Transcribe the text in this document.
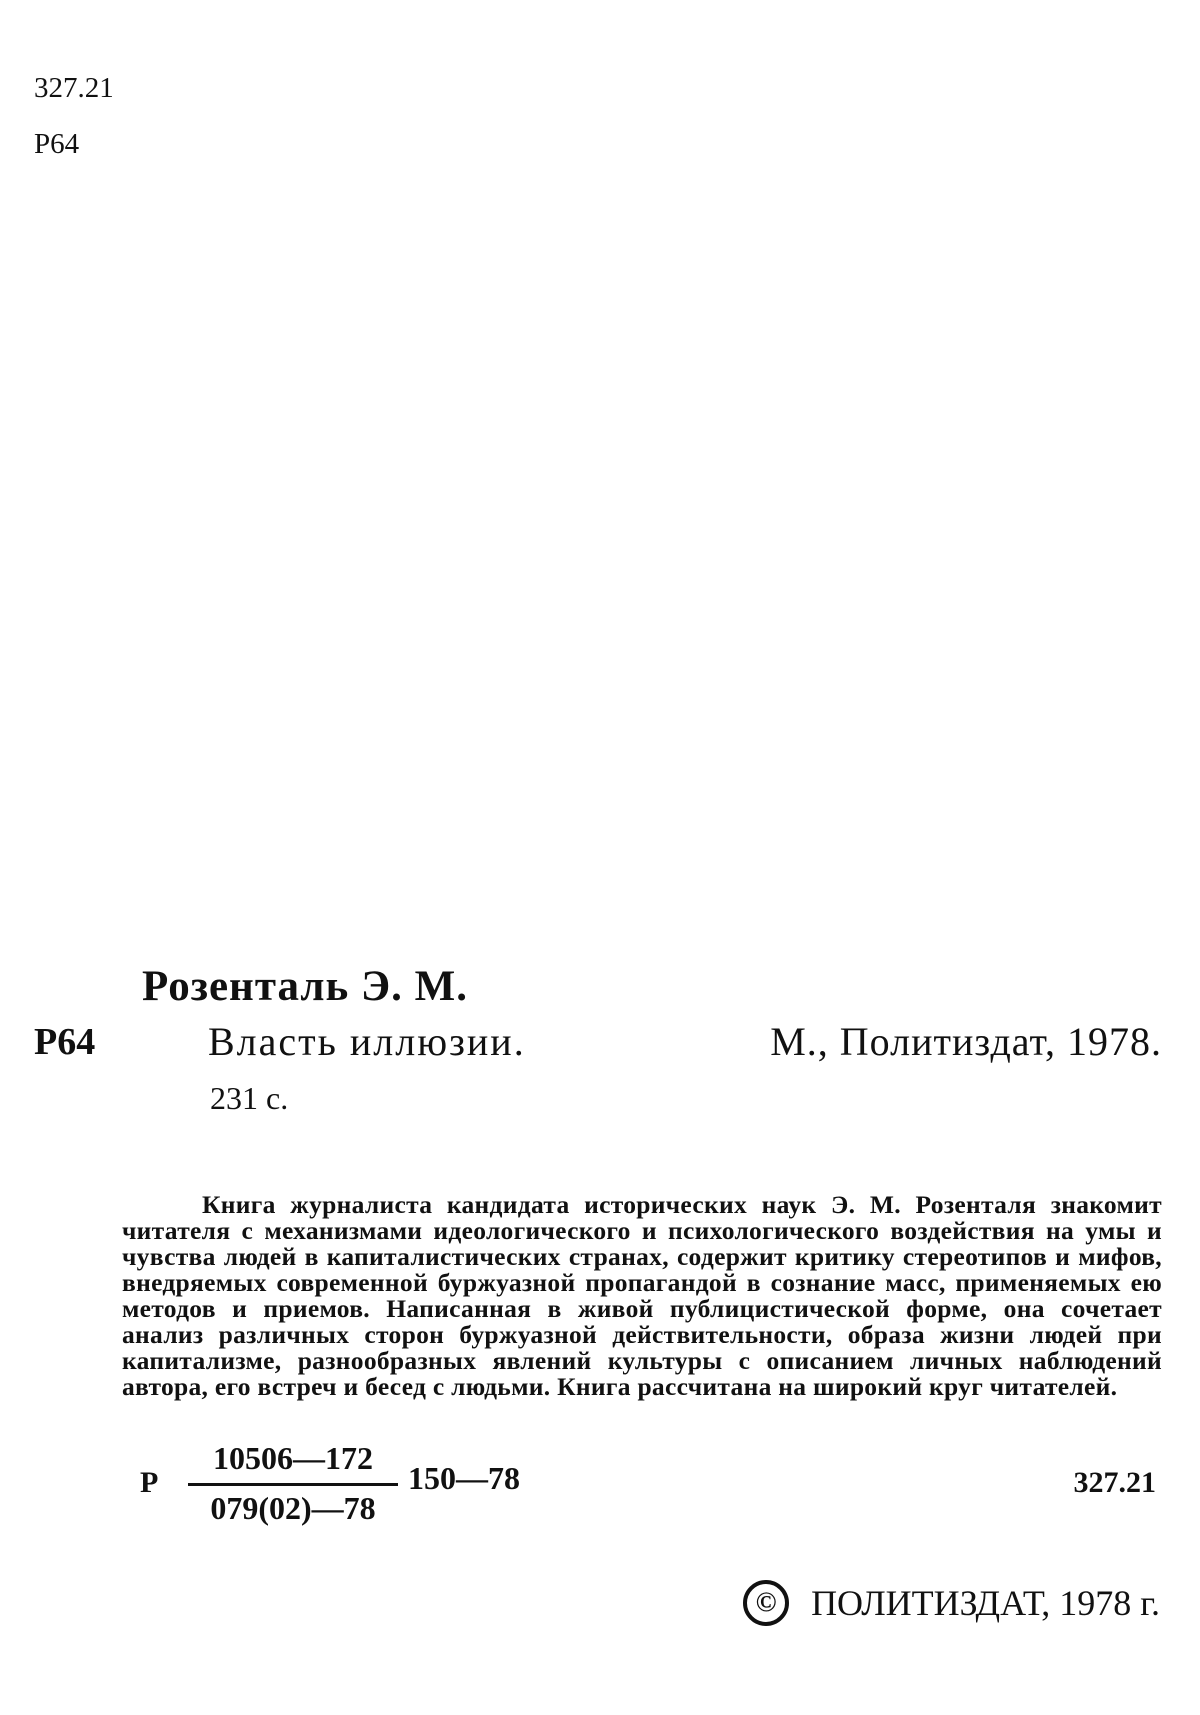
327.21
Р64
Розенталь Э. М.
Р64	Власть иллюзии.	М., Политиздат, 1978.
231 с.

Книга журналиста кандидата исторических наук Э. М. Розенталя знакомит читателя с механизмами идеологического и психологического воздействия на умы и чувства людей в капиталистических странах, содержит критику стереотипов и мифов, внедряемых современной буржуазной пропагандой в сознание масс, применяемых ею методов и приемов. Написанная в живой публицистической форме, она сочетает анализ различных сторон буржуазной действительности, образа жизни людей при капитализме, разнообразных явлений культуры с описанием личных наблюдений автора, его встреч и бесед с людьми. Книга рассчитана на широкий круг читателей.

Р
10506—172
079(02)—78
150—78	327.21
© ПОЛИТИЗДАТ, 1978 г.
